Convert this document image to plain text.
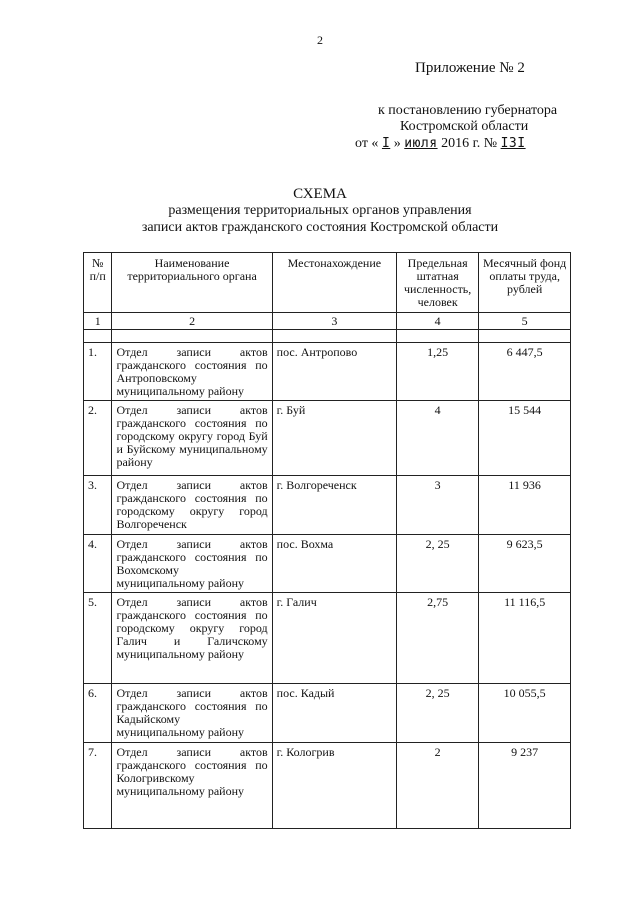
2
Приложение № 2
к постановлению губернатора
Костромской области
от « I » июля 2016 г. № I3I
СХЕМА
размещения территориальных органов управления
записи актов гражданского состояния Костромской области
№ п/п	Наименование территориального органа	Местонахождение	Предельная штатная численность, человек	Месячный фонд оплаты труда, рублей
1	2	3	4	5

1.	Отдел записи актов гражданского состояния по Антроповскому муниципальному району	пос. Антропово	1,25	6 447,5
2.	Отдел записи актов гражданского состояния по городскому округу город Буй и Буйскому муниципальному району	г. Буй	4	15 544
3.	Отдел записи актов гражданского состояния по городскому округу город Волгореченск	г. Волгореченск	3	11 936
4.	Отдел записи актов гражданского состояния по Вохомскому муниципальному району	пос. Вохма	2, 25	9 623,5
5.	Отдел записи актов гражданского состояния по городскому округу город Галич и Галичскому муниципальному району	г. Галич	2,75	11 116,5
6.	Отдел записи актов гражданского состояния по Кадыйскому муниципальному району	пос. Кадый	2, 25	10 055,5
7.	Отдел записи актов гражданского состояния по Кологривскому муниципальному району	г. Кологрив	2	9 237
